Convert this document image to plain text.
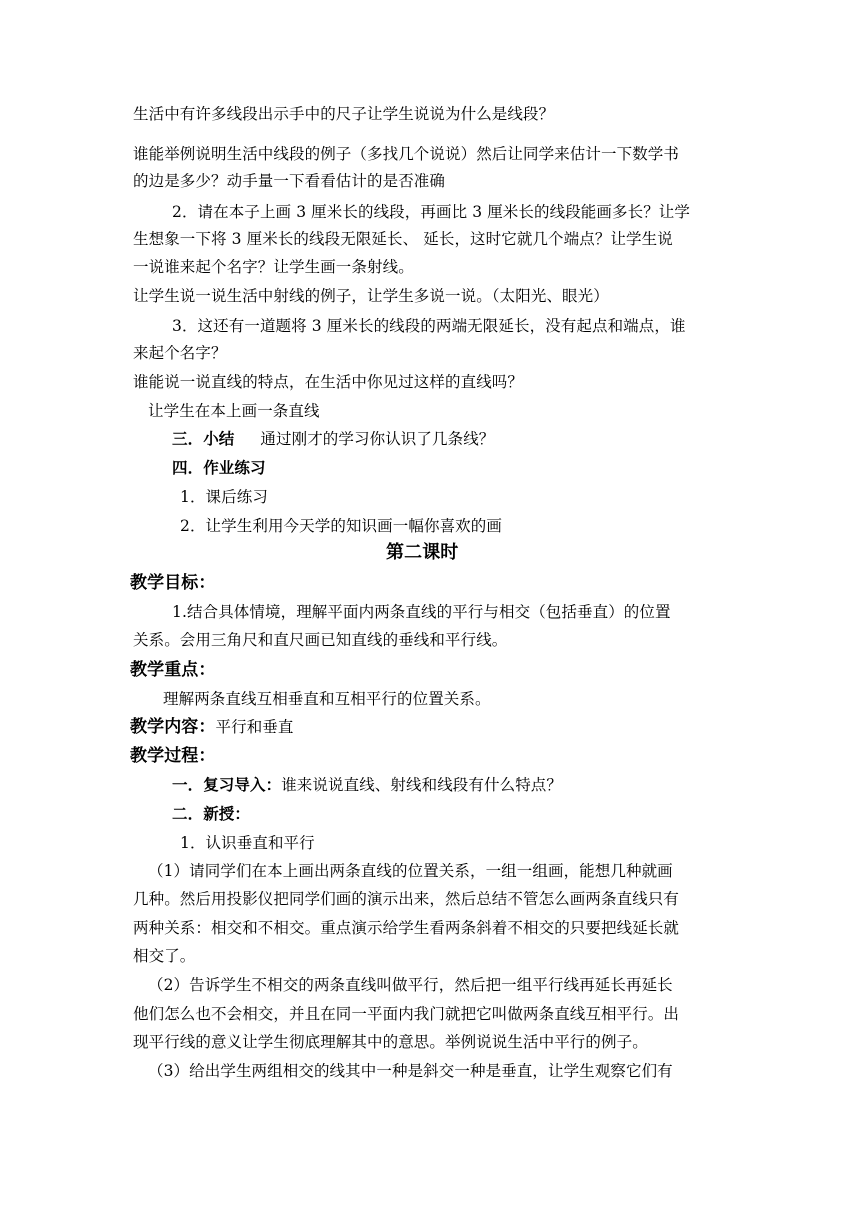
生活中有许多线段出示手中的尺子让学生说说为什么是线段？
谁能举例说明生活中线段的例子（多找几个说说）然后让同学来估计一下数学书
的边是多少？动手量一下看看估计的是否准确
2．请在本子上画 3 厘米长的线段，再画比 3 厘米长的线段能画多长？让学
生想象一下将 3 厘米长的线段无限延长、 延长，这时它就几个端点？让学生说
一说谁来起个名字？让学生画一条射线。
让学生说一说生活中射线的例子，让学生多说一说。（太阳光、眼光）
3．这还有一道题将 3 厘米长的线段的两端无限延长，没有起点和端点，谁
来起个名字？
谁能说一说直线的特点，在生活中你见过这样的直线吗？
让学生在本上画一条直线
三．小结 通过刚才的学习你认识了几条线？
四．作业练习
1．课后练习
2．让学生利用今天学的知识画一幅你喜欢的画
第二课时
教学目标：
1.结合具体情境，理解平面内两条直线的平行与相交（包括垂直）的位置
关系。会用三角尺和直尺画已知直线的垂线和平行线。
教学重点：
理解两条直线互相垂直和互相平行的位置关系。
教学内容：平行和垂直
教学过程：
一．复习导入：谁来说说直线、射线和线段有什么特点？
二．新授：
1．认识垂直和平行
（1）请同学们在本上画出两条直线的位置关系，一组一组画，能想几种就画
几种。然后用投影仪把同学们画的演示出来，然后总结不管怎么画两条直线只有
两种关系：相交和不相交。重点演示给学生看两条斜着不相交的只要把线延长就
相交了。
（2）告诉学生不相交的两条直线叫做平行，然后把一组平行线再延长再延长
他们怎么也不会相交，并且在同一平面内我门就把它叫做两条直线互相平行。出
现平行线的意义让学生彻底理解其中的意思。举例说说生活中平行的例子。
（3）给出学生两组相交的线其中一种是斜交一种是垂直，让学生观察它们有
